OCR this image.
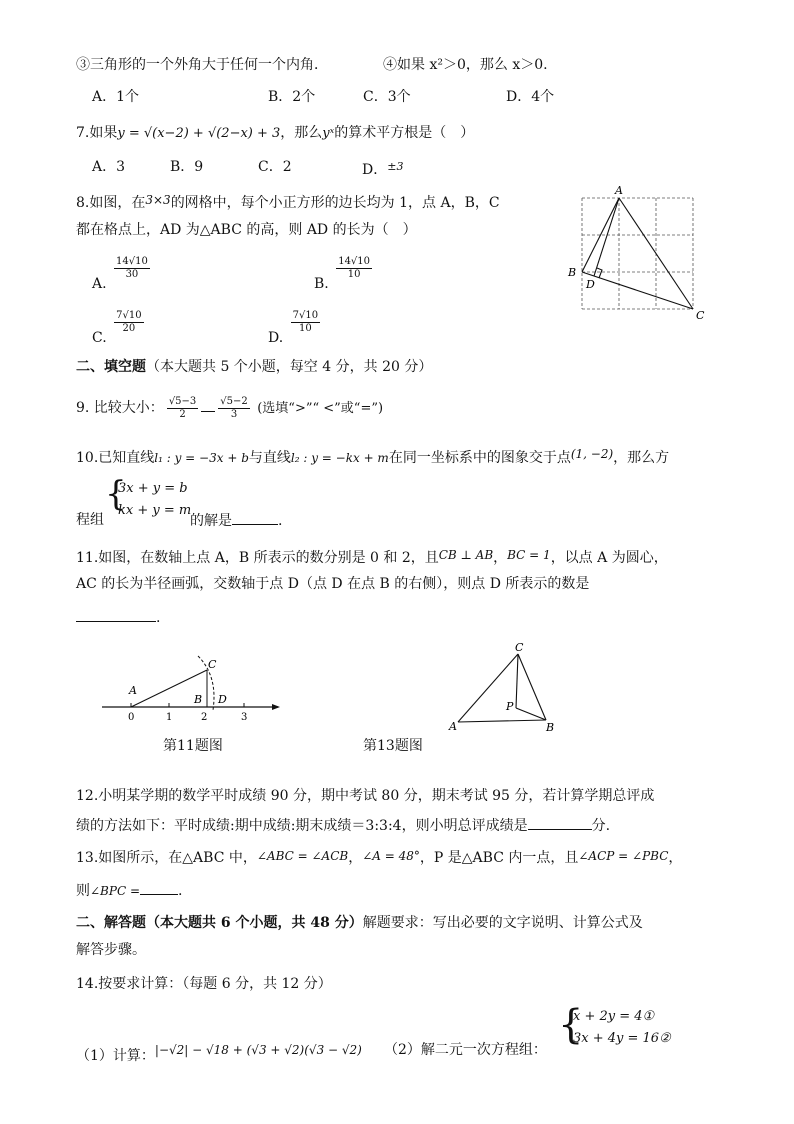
③三角形的一个外角大于任何一个内角．	④如果 x²＞0，那么 x＞0.
A．1个	B．2个	C．3个	D．4个
7.如果y = √(x−2) + √(2−x) + 3，那么yˣ的算术平方根是（　）
A．3	B．9	C．2	D．$^{\pm 3}$
8.如图，在3×3的网格中，每个小正方形的边长均为 1，点 A，B，C
都在格点上，AD 为△ABC 的高，则 AD 的长为（　）
A.
$\frac{14√10}{30}$
B.
$\frac{14√10}{10}$
C.
$\frac{7√10}{20}$
D.
$\frac{7√10}{10}$
A
B
D
C
二、填空题（本大题共 5 个小题，每空 4 分，共 20 分）
9. 比较大小： $\frac{√5-3}{2} \frac{√5-2}{3}$ (选填“>”“ <”或“=”)
10.已知直线l₁ : y = −3x + b与直线l₂ : y = −kx + m在同一坐标系中的图象交于点(1, −2)，那么方
{
3x + y = b
kx + y = m
程组	的解是	.
11.如图，在数轴上点 A，B 所表示的数分别是 0 和 2，且CB ⊥ AB，BC = 1，以点 A 为圆心，
AC 的长为半径画弧，交数轴于点 D（点 D 在点 B 的右侧），则点 D 所表示的数是
.
A
B
C
D
0	1	2	3
第11题图
C
A	B
P
第13题图
12.小明某学期的数学平时成绩 90 分，期中考试 80 分，期末考试 95 分，若计算学期总评成
绩的方法如下：平时成绩:期中成绩:期末成绩＝3:3:4，则小明总评成绩是	分.
13.如图所示，在△ABC 中，∠ABC = ∠ACB，∠A = 48°，P 是△ABC 内一点，且∠ACP = ∠PBC，
则∠BPC =	.
二、解答题（本大题共 6 个小题，共 48 分）解题要求：写出必要的文字说明、计算公式及
解答步骤。
14.按要求计算：（每题 6 分，共 12 分）
（1）计算：|−√2| − √18 + (√3 + √2)(√3 − √2) （2）解二元一次方程组：
{
x + 2y = 4①
3x + 4y = 16②
